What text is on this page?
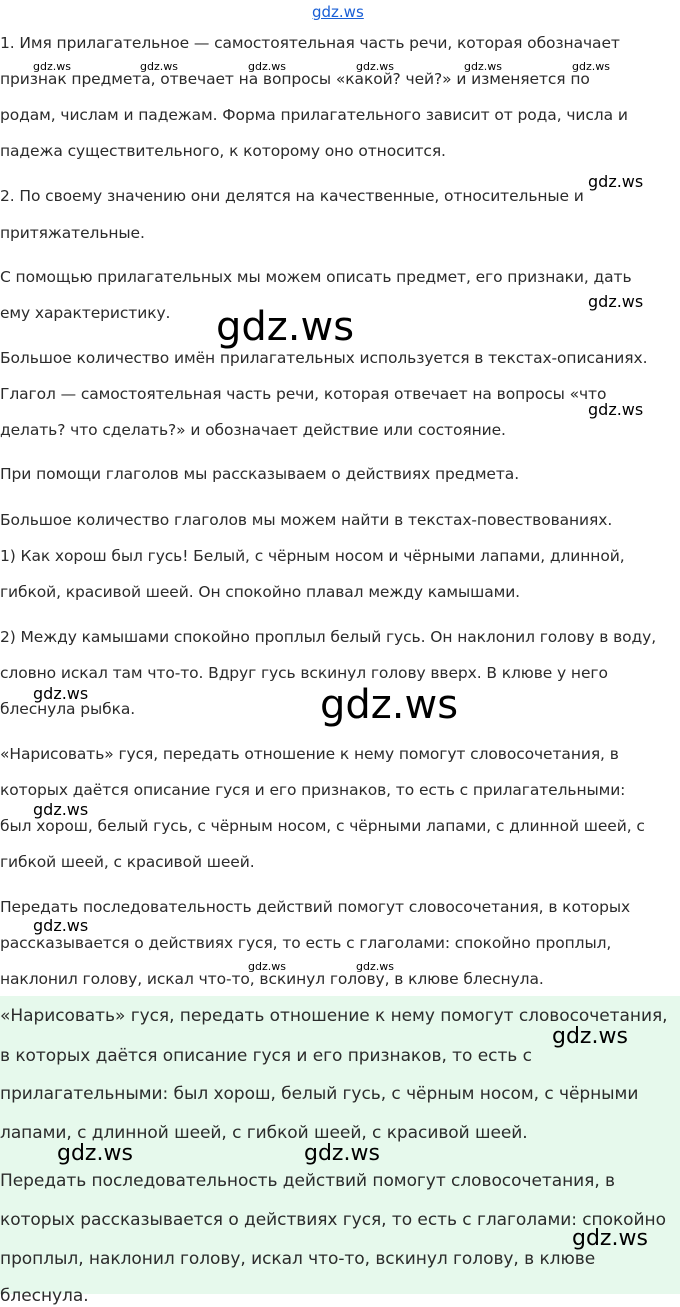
1. Имя прилагательное — самостоятельная часть речи, которая обозначает
признак предмета, отвечает на вопросы «какой? чей?» и изменяется по
родам, числам и падежам. Форма прилагательного зависит от рода, числа и
падежа существительного, к которому оно относится.
2. По своему значению они делятся на качественные, относительные и
притяжательные.
С помощью прилагательных мы можем описать предмет, его признаки, дать
ему характеристику.
Большое количество имён прилагательных используется в текстах-описаниях.
Глагол — самостоятельная часть речи, которая отвечает на вопросы «что
делать? что сделать?» и обозначает действие или состояние.
При помощи глаголов мы рассказываем о действиях предмета.
Большое количество глаголов мы можем найти в текстах-повествованиях.
1) Как хорош был гусь! Белый, с чёрным носом и чёрными лапами, длинной,
гибкой, красивой шеей. Он спокойно плавал между камышами.
2) Между камышами спокойно проплыл белый гусь. Он наклонил голову в воду,
словно искал там что-то. Вдруг гусь вскинул голову вверх. В клюве у него
блеснула рыбка.
«Нарисовать» гуся, передать отношение к нему помогут словосочетания, в
которых даётся описание гуся и его признаков, то есть с прилагательными:
был хорош, белый гусь, с чёрным носом, с чёрными лапами, с длинной шеей, с
гибкой шеей, с красивой шеей.
Передать последовательность действий помогут словосочетания, в которых
рассказывается о действиях гуся, то есть с глаголами: спокойно проплыл,
наклонил голову, искал что-то, вскинул голову, в клюве блеснула.
«Нарисовать» гуся, передать отношение к нему помогут словосочетания,
в которых даётся описание гуся и его признаков, то есть с
прилагательными: был хорош, белый гусь, с чёрным носом, с чёрными
лапами, с длинной шеей, с гибкой шеей, с красивой шеей.
Передать последовательность действий помогут словосочетания, в
которых рассказывается о действиях гуся, то есть с глаголами: спокойно
проплыл, наклонил голову, искал что-то, вскинул голову, в клюве
блеснула.
gdz.ws
gdz.ws	gdz.ws	gdz.ws	gdz.ws	gdz.ws	gdz.ws
gdz.ws
gdz.ws
gdz.ws
gdz.ws
gdz.ws	gdz.ws
gdz.ws
gdz.ws
gdz.ws	gdz.ws
gdz.ws
gdz.ws	gdz.ws
gdz.ws
